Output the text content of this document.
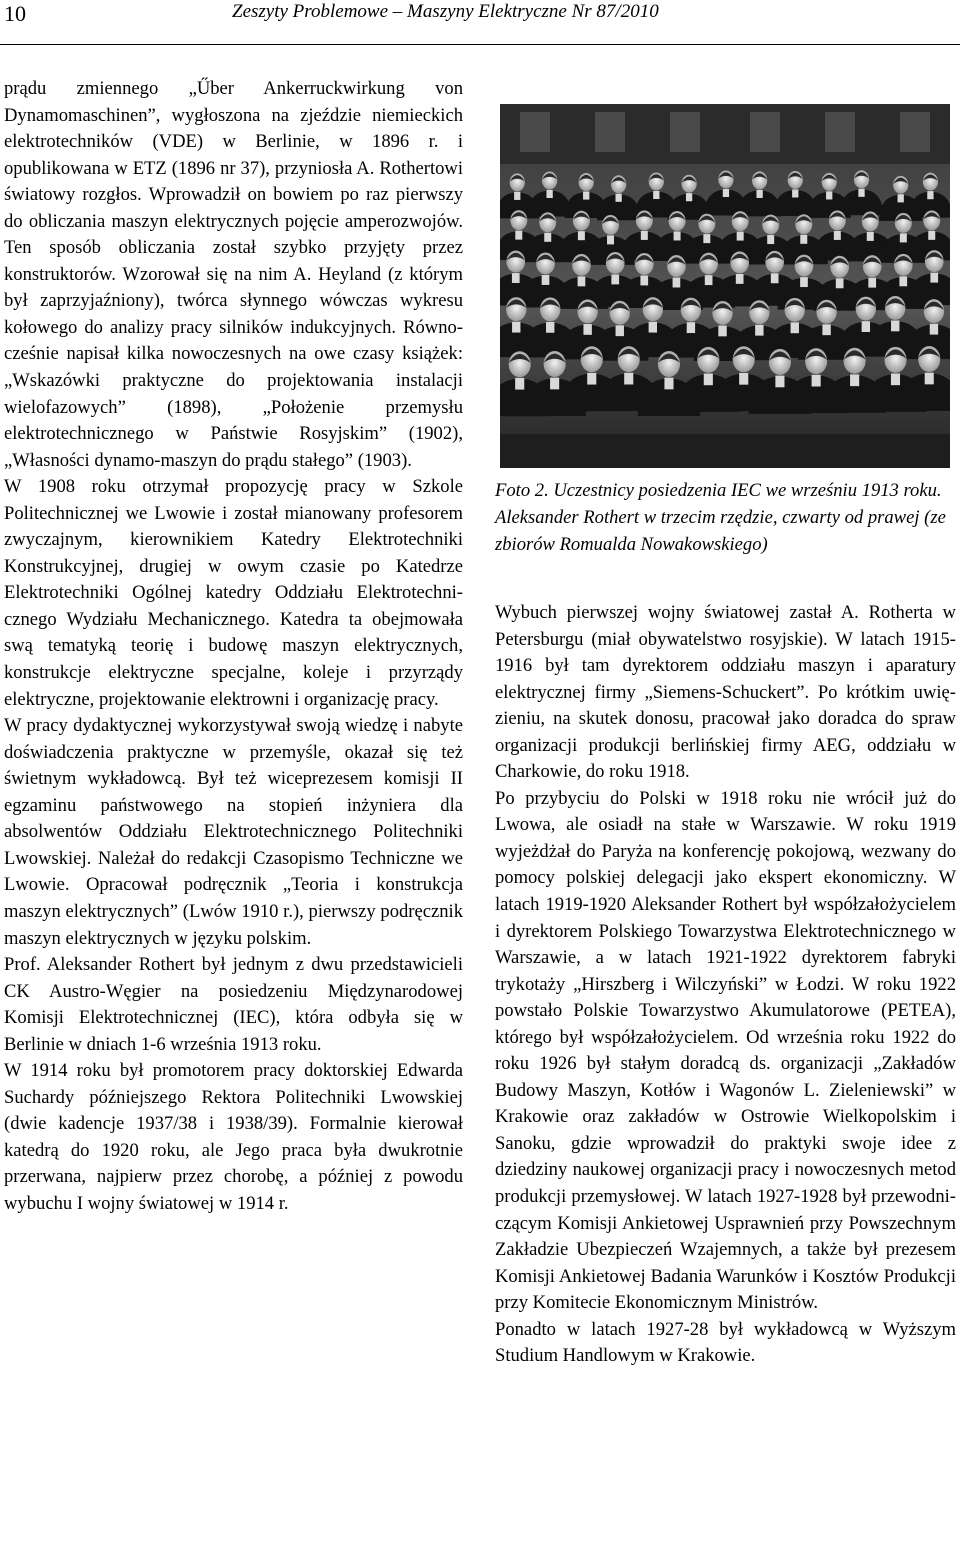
10	Zeszyty Problemowe – Maszyny Elektryczne Nr 87/2010

prądu zmiennego „Űber Ankerruckwirkung von Dynamomaschinen”, wygłoszona na zjeździe niemieckich elektrotechników (VDE) w Berlinie, w 1896 r. i opublikowana w ETZ (1896 nr 37), przyniosła A. Rothertowi światowy rozgłos. Wprowadził on bowiem po raz pierwszy do obliczania maszyn elektrycznych pojęcie amperozwojów. Ten sposób obliczania został szybko przyjęty przez konstruktorów. Wzorował się na nim A. Heyland (z którym był zaprzyjaźniony), twórca słynnego wówczas wykresu kołowego do analizy pracy silników indukcyjnych. Równocześnie napisał kilka nowoczesnych na owe czasy książek: „Wskazówki praktyczne do projektowania instalacji wielofazowych” (1898), „Położenie przemysłu elektrotechnicznego w Państwie Rosyjskim” (1902), „Własności dynamo-maszyn do prądu stałego” (1903).

W 1908 roku otrzymał propozycję pracy w Szkole Politechnicznej we Lwowie i został mianowany profesorem zwyczajnym, kierownikiem Katedry Elektrotechniki Konstrukcyjnej, drugiej w owym czasie po Katedrze Elektrotechniki Ogólnej katedry Oddziału Elektrotechnicznego Wydziału Mechanicznego. Katedra ta obejmowała swą tematyką teorię i budowę maszyn elektrycznych, konstrukcje elektryczne specjalne, koleje i przyrządy elektryczne, projektowanie elektrowni i organizację pracy.

W pracy dydaktycznej wykorzystywał swoją wiedzę i nabyte doświadczenia praktyczne w przemyśle, okazał się też świetnym wykładowcą. Był też wiceprezesem komisji II egzaminu państwowego na stopień inżyniera dla absolwentów Oddziału Elektrotechnicznego Politechniki Lwowskiej. Należał do redakcji Czasopismo Techniczne we Lwowie. Opracował podręcznik „Teoria i konstrukcja maszyn elektrycznych” (Lwów 1910 r.), pierwszy podręcznik maszyn elektrycznych w języku polskim.

Prof. Aleksander Rothert był jednym z dwu przedstawicieli CK Austro-Węgier na posiedzeniu Międzynarodowej Komisji Elektrotechnicznej (IEC), która odbyła się w Berlinie w dniach 1-6 września 1913 roku.

W 1914 roku był promotorem pracy doktorskiej Edwarda Suchardy późniejszego Rektora Politechniki Lwowskiej (dwie kadencje 1937/38 i 1938/39). Formalnie kierował katedrą do 1920 roku, ale Jego praca była dwukrotnie przerwana, najpierw przez chorobę, a później z powodu wybuchu I wojny światowej w 1914 r.

Foto 2. Uczestnicy posiedzenia IEC we wrześniu 1913 roku. Aleksander Rothert w trzecim rzędzie, czwarty od prawej (ze zbiorów Romualda Nowakowskiego)

Wybuch pierwszej wojny światowej zastał A. Rotherta w Petersburgu (miał obywatelstwo rosyjskie). W latach 1915-1916 był tam dyrektorem oddziału maszyn i aparatury elektrycznej firmy „Siemens-Schuckert”. Po krótkim uwięzieniu, na skutek donosu, pracował jako doradca do spraw organizacji produkcji berlińskiej firmy AEG, oddziału w Charkowie, do roku 1918.

Po przybyciu do Polski w 1918 roku nie wrócił już do Lwowa, ale osiadł na stałe w Warszawie. W roku 1919 wyjeżdżał do Paryża na konferencję pokojową, wezwany do pomocy polskiej delegacji jako ekspert ekonomiczny. W latach 1919-1920 Aleksander Rothert był współzałożycielem i dyrektorem Polskiego Towarzystwa Elektrotechnicznego w Warszawie, a w latach 1921-1922 dyrektorem fabryki trykotaży „Hirszberg i Wilczyński” w Łodzi. W roku 1922 powstało Polskie Towarzystwo Akumulatorowe (PETEA), którego był współzałożycielem. Od września roku 1922 do roku 1926 był stałym doradcą ds. organizacji „Zakładów Budowy Maszyn, Kotłów i Wagonów L. Zieleniewski” w Krakowie oraz zakładów w Ostrowie Wielkopolskim i Sanoku, gdzie wprowadził do praktyki swoje idee z dziedziny naukowej organizacji pracy i nowoczesnych metod produkcji przemysłowej. W latach 1927-1928 był przewodniczącym Komisji Ankietowej Usprawnień przy Powszechnym Zakładzie Ubezpieczeń Wzajemnych, a także był prezesem Komisji Ankietowej Badania Warunków i Kosztów Produkcji przy Komitecie Ekonomicznym Ministrów.

Ponadto w latach 1927-28 był wykładowcą w Wyższym Studium Handlowym w Krakowie.
